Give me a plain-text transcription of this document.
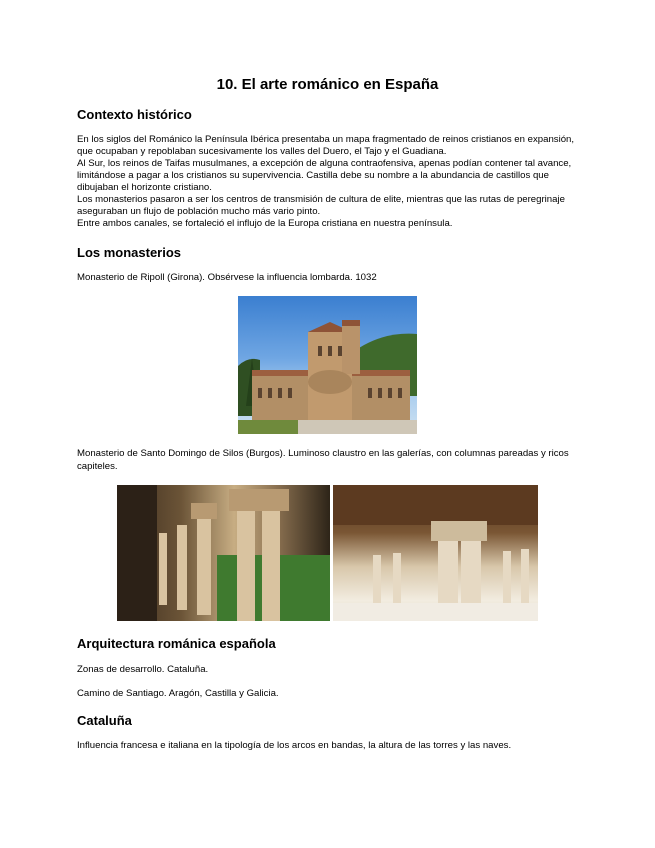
10. El arte románico en España
Contexto histórico

En los siglos del Románico la Península Ibérica presentaba un mapa fragmentado de reinos cristianos en expansión, que ocupaban y repoblaban sucesivamente los valles del Duero, el Tajo y el Guadiana.

Al Sur, los reinos de Taifas musulmanes, a excepción de alguna contraofensiva, apenas podían contener tal avance, limitándose a pagar a los cristianos su supervivencia. Castilla debe su nombre a la abundancia de castillos que dibujaban el horizonte cristiano.

Los monasterios pasaron a ser los centros de transmisión de cultura de elite, mientras que las rutas de peregrinaje aseguraban un flujo de población mucho más vario pinto.

Entre ambos canales, se fortaleció el influjo de la Europa cristiana en nuestra península.

Los monasterios
Monasterio de Ripoll (Girona). Obsérvese la influencia lombarda. 1032
Monasterio de Santo Domingo de Silos (Burgos). Luminoso claustro en las galerías, con columnas pareadas y ricos capiteles.
Arquitectura románica española
Zonas de desarrollo. Cataluña.
Camino de Santiago. Aragón, Castilla y Galicia.
Cataluña
Influencia francesa e italiana en la tipología de los arcos en bandas, la altura de las torres y las naves.
